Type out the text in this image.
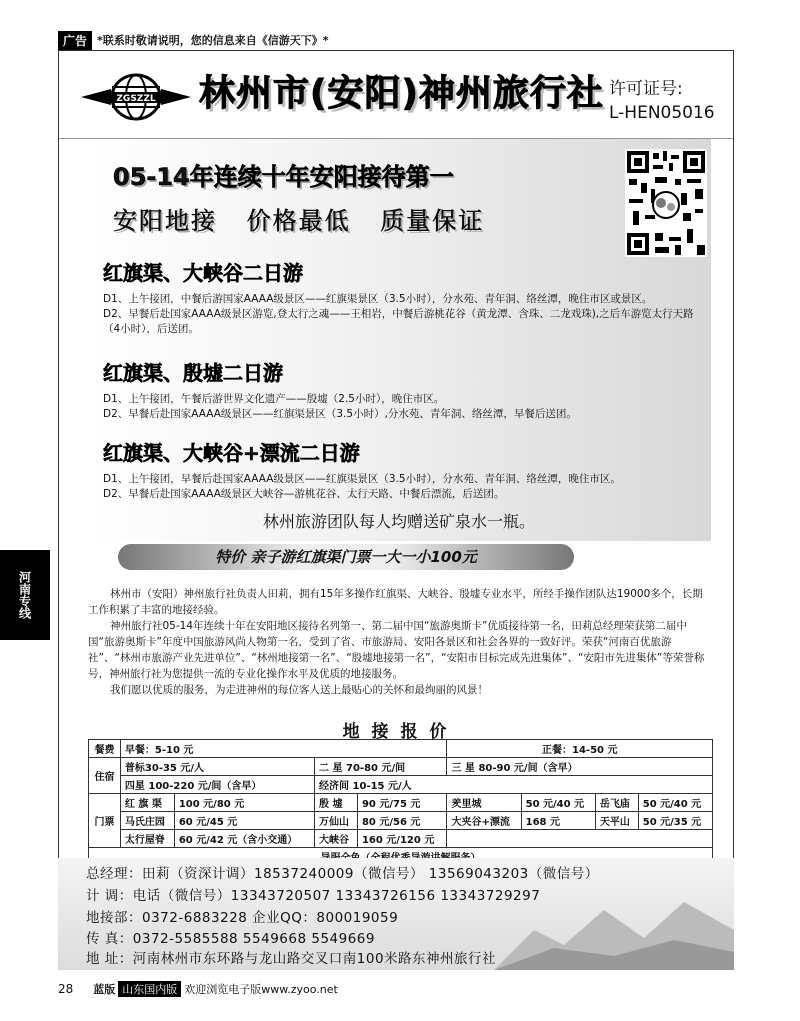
广告 *联系时敬请说明，您的信息来自《信游天下》*
河南专线
ZGSZZL 林州市(安阳)神州旅行社 许可证号:
L-HEN05016
05-14年连续十年安阳接待第一
安阳地接 价格最低 质量保证
红旗渠、大峡谷二日游

D1、上午接团，中餐后游国家AAAA级景区——红旗渠景区（3.5小时），分水苑、青年洞、络丝潭，晚住市区或景区。

D2、早餐后赴国家AAAA级景区游览,登太行之魂——王相岩，中餐后游桃花谷（黄龙潭、含珠、二龙戏珠),之后车游览太行天路（4小时），后送团。

红旗渠、殷墟二日游

D1、上午接团，午餐后游世界文化遗产——殷墟（2.5小时），晚住市区。

D2、早餐后赴国家AAAA级景区——红旗渠景区（3.5小时）,分水苑、青年洞、络丝潭，早餐后送团。

红旗渠、大峡谷+漂流二日游

D1、上午接团，早餐后赴国家AAAA级景区——红旗渠景区（3.5小时），分水苑、青年洞、络丝潭，晚住市区。

D2、早餐后赴国家AAAA级景区大峡谷—游桃花谷、太行天路、中餐后漂流，后送团。

林州旅游团队每人均赠送矿泉水一瓶。
特价 亲子游红旗渠门票一大一小100元

林州市（安阳）神州旅行社负责人田莉，拥有15年多操作红旗渠、大峡谷、殷墟专业水平，所经手操作团队达19000多个，长期工作积累了丰富的地接经验。

神州旅行社05-14年连续十年在安阳地区接待名列第一、第二届中国“旅游奥斯卡”优质接待第一名，田莉总经理荣获第二届中国“旅游奥斯卡”年度中国旅游风尚人物第一名，受到了省、市旅游局、安阳各景区和社会各界的一致好评。荣获“河南百优旅游社”、“林州市旅游产业先进单位”、“林州地接第一名”、“殷墟地接第一名”，“安阳市目标完成先进集体”、“安阳市先进集体”等荣誉称号，神州旅行社为您提供一流的专业化操作水平及优质的地接服务。

我们愿以优质的服务，为走进神州的每位客人送上最贴心的关怀和最绚丽的风景！

地 接 报 价
餐费	早餐：5-10 元				正餐：14-50 元			
住宿	普标30-35 元/人		二 星 70-80 元/间		三 星 80-90 元/间（含早）			
	四星 100-220 元/间（含早）		经济间 10-15 元/人					
门票	红 旗 渠	100 元/80 元	殷 墟	90 元/75 元	羑里城	50 元/40 元	岳飞庙	50 元/40 元
	马氏庄园	60 元/45 元	万仙山	80 元/56 元	大夹谷+漂流	168 元	天平山	50 元/35 元
	太行屋脊	60 元/42 元（含小交通）	大峡谷	160 元/120 元				

总经理：田莉（资深计调）18537240009（微信号） 13569043203（微信号）
计 调：电话（微信号）13343720507 13343726156 13343729297
地接部：0372-6883228 企业QQ：800019059
传 真：0372-5585588 5549668 5549669
地 址：河南林州市东环路与龙山路交叉口南100米路东神州旅行社
28 蓝版 山东国内版 欢迎浏览电子版www.zyoo.net
